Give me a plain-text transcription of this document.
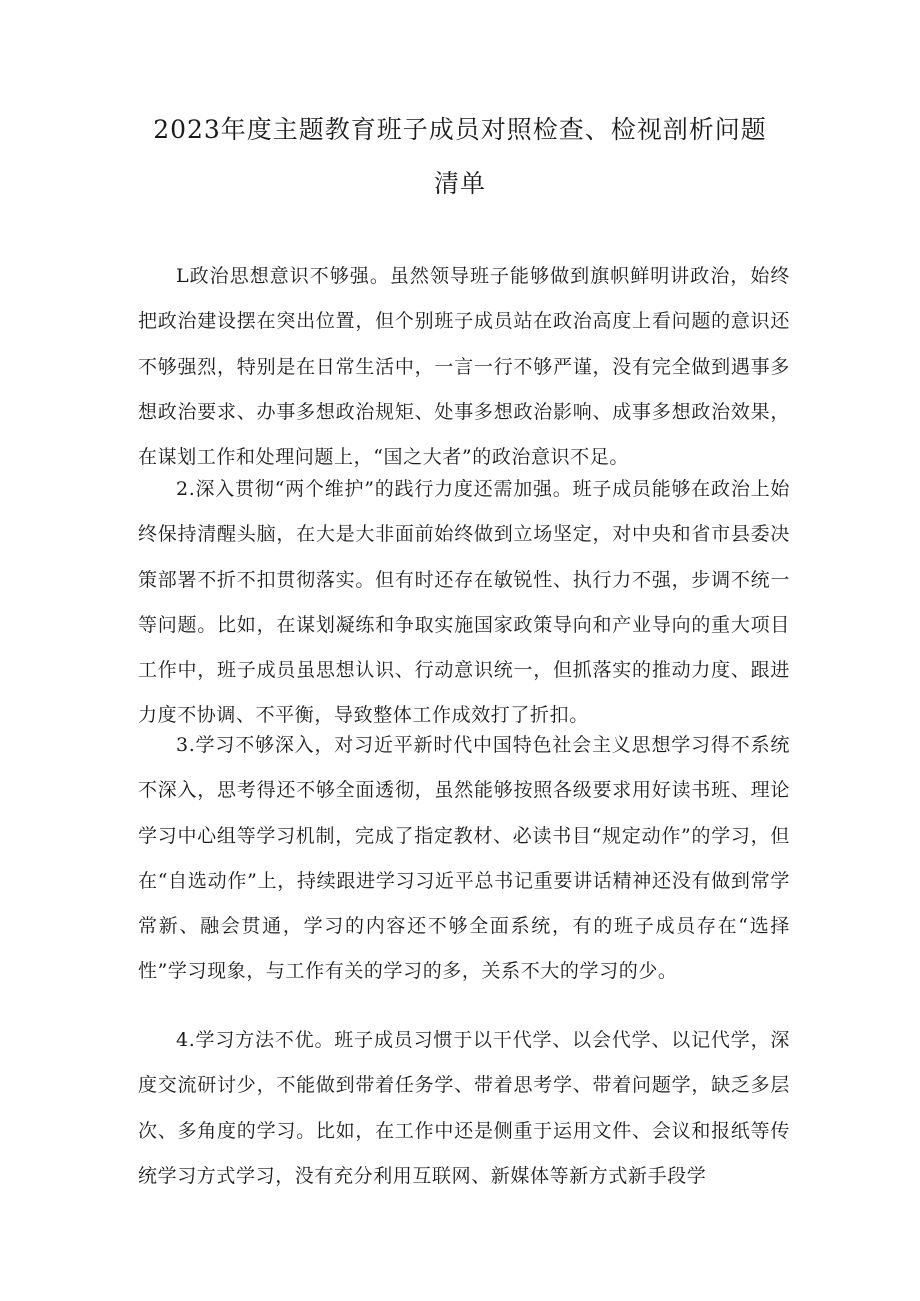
2023年度主题教育班子成员对照检查、检视剖析问题
清单

L政治思想意识不够强。虽然领导班子能够做到旗帜鲜明讲政治，始终把政治建设摆在突出位置，但个别班子成员站在政治高度上看问题的意识还不够强烈，特别是在日常生活中，一言一行不够严谨，没有完全做到遇事多想政治要求、办事多想政治规矩、处事多想政治影响、成事多想政治效果，在谋划工作和处理问题上，“国之大者”的政治意识不足。

2.深入贯彻“两个维护”的践行力度还需加强。班子成员能够在政治上始终保持清醒头脑，在大是大非面前始终做到立场坚定，对中央和省市县委决策部署不折不扣贯彻落实。但有时还存在敏锐性、执行力不强，步调不统一等问题。比如，在谋划凝练和争取实施国家政策导向和产业导向的重大项目工作中，班子成员虽思想认识、行动意识统一，但抓落实的推动力度、跟进力度不协调、不平衡，导致整体工作成效打了折扣。

3.学习不够深入，对习近平新时代中国特色社会主义思想学习得不系统不深入，思考得还不够全面透彻，虽然能够按照各级要求用好读书班、理论学习中心组等学习机制，完成了指定教材、必读书目“规定动作”的学习，但在“自选动作”上，持续跟进学习习近平总书记重要讲话精神还没有做到常学常新、融会贯通，学习的内容还不够全面系统，有的班子成员存在“选择性”学习现象，与工作有关的学习的多，关系不大的学习的少。

4.学习方法不优。班子成员习惯于以干代学、以会代学、以记代学，深度交流研讨少，不能做到带着任务学、带着思考学、带着问题学，缺乏多层次、多角度的学习。比如，在工作中还是侧重于运用文件、会议和报纸等传统学习方式学习，没有充分利用互联网、新媒体等新方式新手段学
